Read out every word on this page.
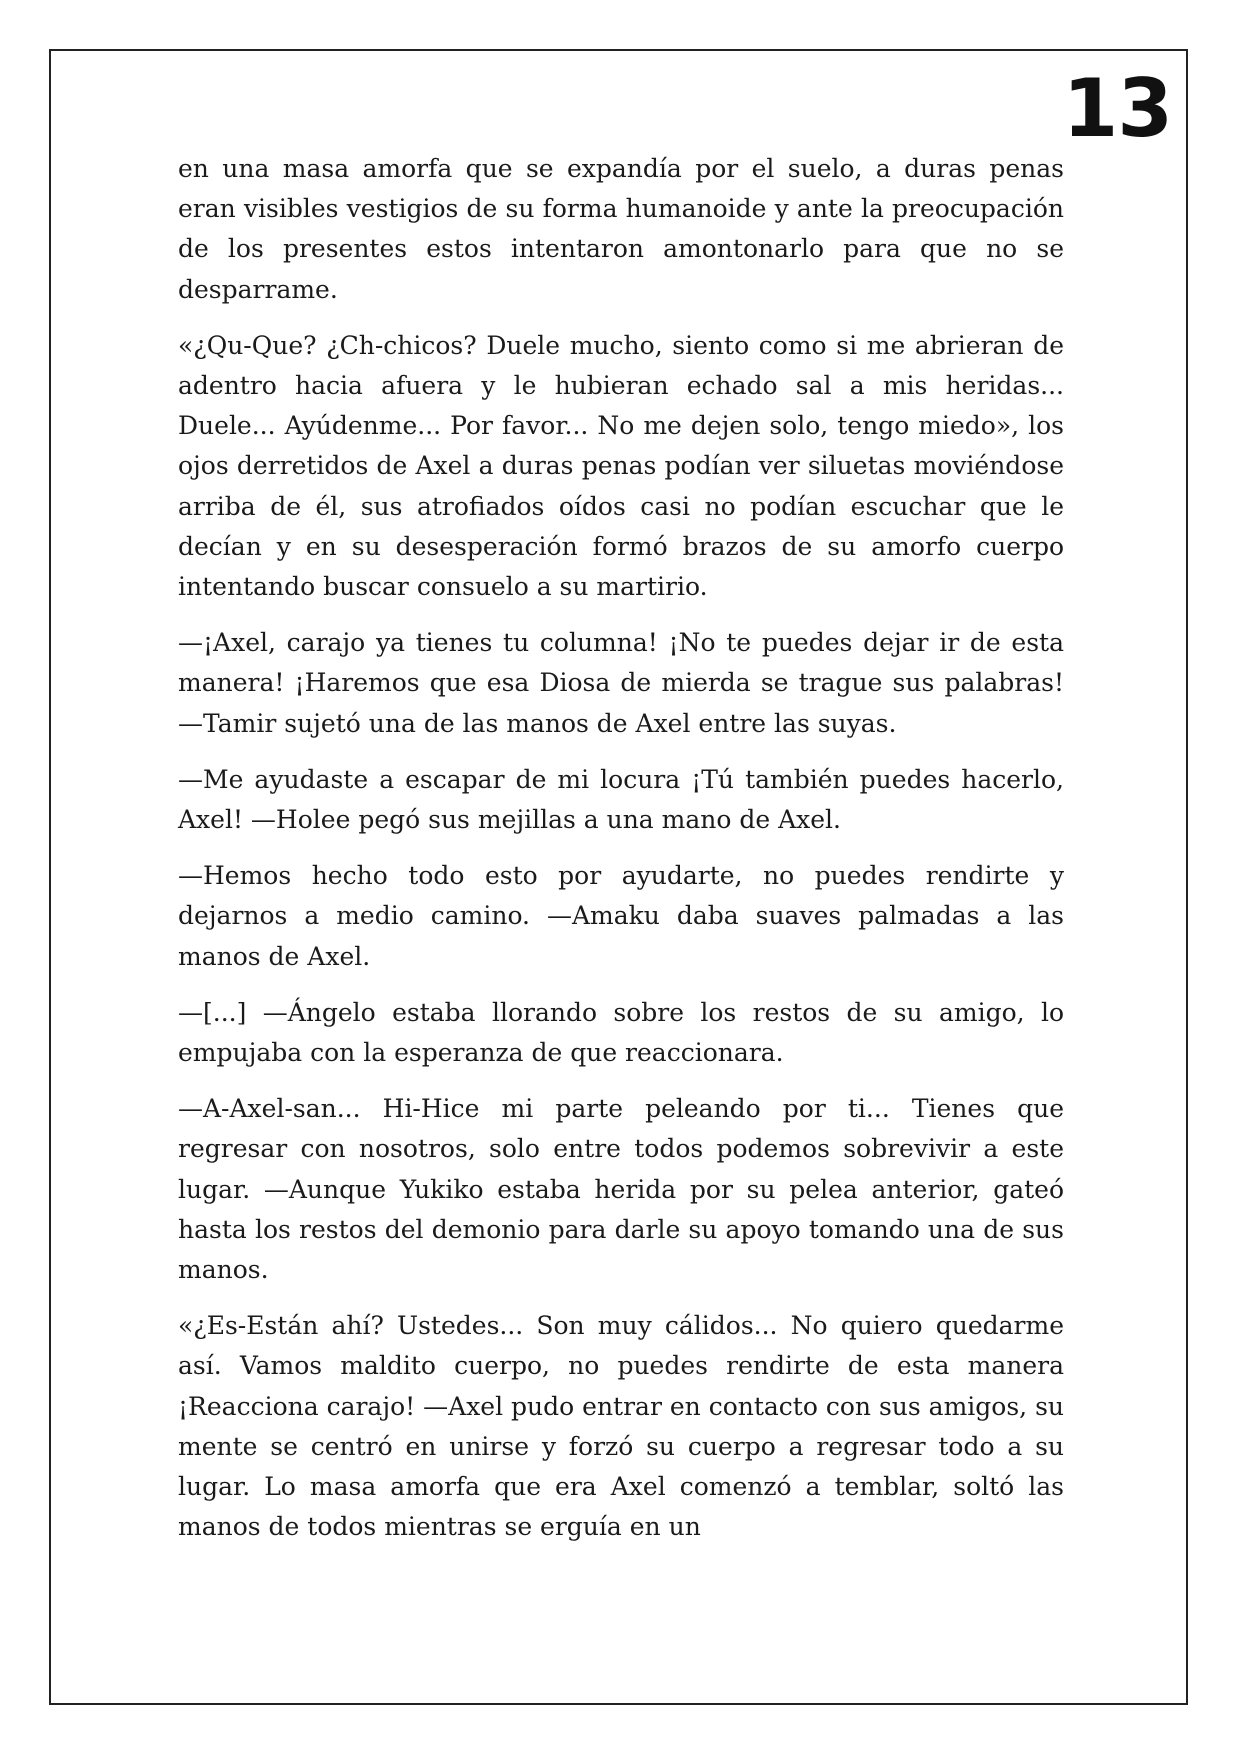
13

en una masa amorfa que se expandía por el suelo, a duras penas eran visibles vestigios de su forma humanoide y ante la preocupación de los presentes estos intentaron amontonarlo para que no se desparrame.

«¿Qu-Que? ¿Ch-chicos? Duele mucho, siento como si me abrieran de adentro hacia afuera y le hubieran echado sal a mis heridas... Duele... Ayúdenme... Por favor... No me dejen solo, tengo miedo», los ojos derretidos de Axel a duras penas podían ver siluetas moviéndose arriba de él, sus atrofiados oídos casi no podían escuchar que le decían y en su desesperación formó brazos de su amorfo cuerpo intentando buscar consuelo a su martirio.

—¡Axel, carajo ya tienes tu columna! ¡No te puedes dejar ir de esta manera! ¡Haremos que esa Diosa de mierda se trague sus palabras! —Tamir sujetó una de las manos de Axel entre las suyas.

—Me ayudaste a escapar de mi locura ¡Tú también puedes hacerlo, Axel! —Holee pegó sus mejillas a una mano de Axel.

—Hemos hecho todo esto por ayudarte, no puedes rendirte y dejarnos a medio camino. —Amaku daba suaves palmadas a las manos de Axel.

—[...] —Ángelo estaba llorando sobre los restos de su amigo, lo empujaba con la esperanza de que reaccionara.

—A-Axel-san... Hi-Hice mi parte peleando por ti... Tienes que regresar con nosotros, solo entre todos podemos sobrevivir a este lugar. —Aunque Yukiko estaba herida por su pelea anterior, gateó hasta los restos del demonio para darle su apoyo tomando una de sus manos.

«¿Es-Están ahí? Ustedes... Son muy cálidos... No quiero quedarme así. Vamos maldito cuerpo, no puedes rendirte de esta manera ¡Reacciona carajo! —Axel pudo entrar en contacto con sus amigos, su mente se centró en unirse y forzó su cuerpo a regresar todo a su lugar. Lo masa amorfa que era Axel comenzó a temblar, soltó las manos de todos mientras se erguía en un
